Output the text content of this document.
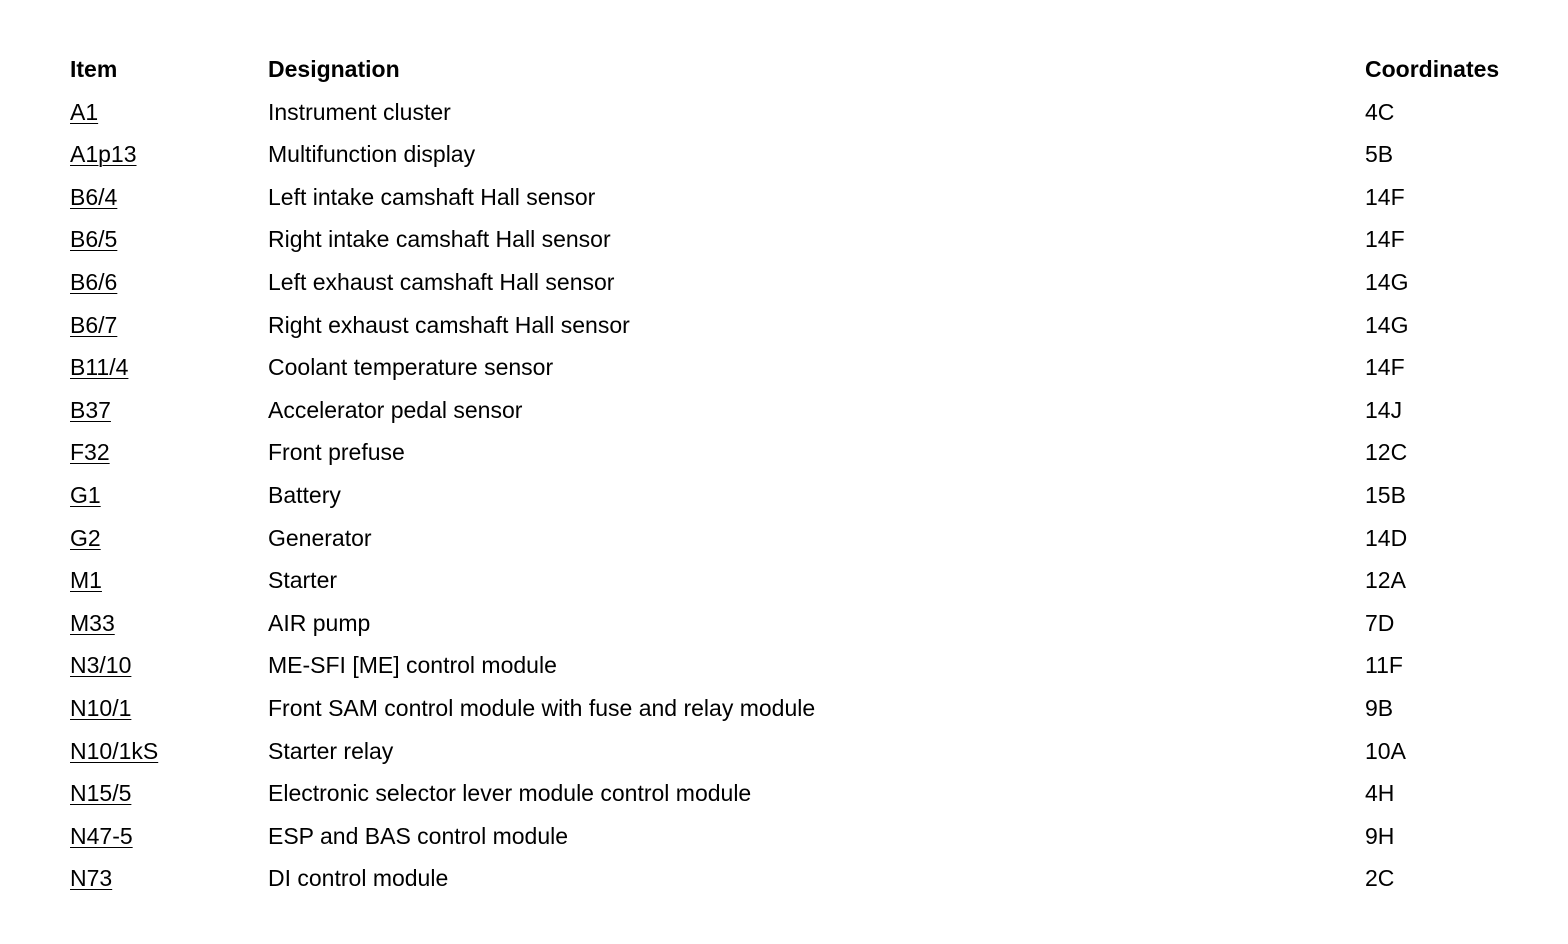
Item	Designation	Coordinates
A1	Instrument cluster	4C
A1p13	Multifunction display	5B
B6/4	Left intake camshaft Hall sensor	14F
B6/5	Right intake camshaft Hall sensor	14F
B6/6	Left exhaust camshaft Hall sensor	14G
B6/7	Right exhaust camshaft Hall sensor	14G
B11/4	Coolant temperature sensor	14F
B37	Accelerator pedal sensor	14J
F32	Front prefuse	12C
G1	Battery	15B
G2	Generator	14D
M1	Starter	12A
M33	AIR pump	7D
N3/10	ME-SFI [ME] control module	11F
N10/1	Front SAM control module with fuse and relay module	9B
N10/1kS	Starter relay	10A
N15/5	Electronic selector lever module control module	4H
N47-5	ESP and BAS control module	9H
N73	DI control module	2C
